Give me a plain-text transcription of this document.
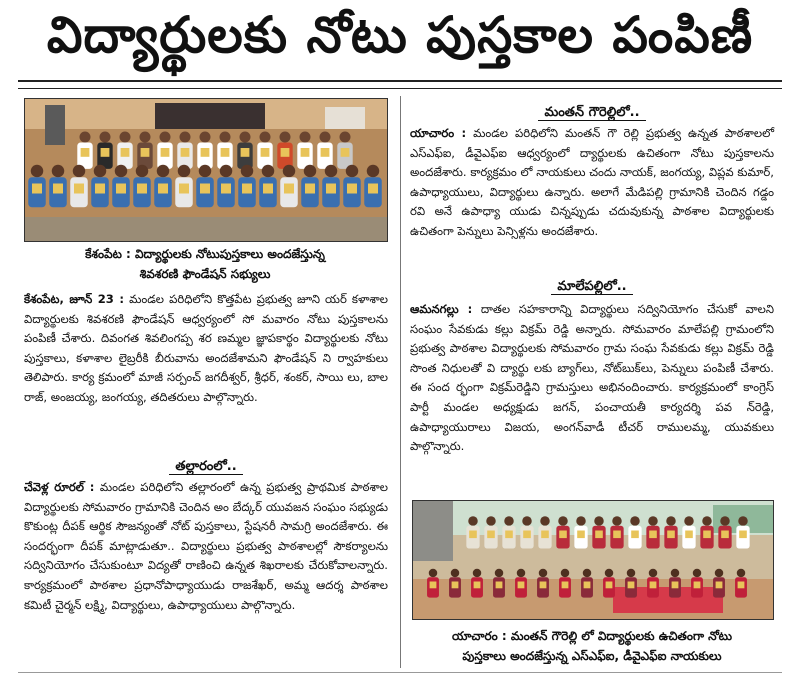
విద్యార్థులకు నోటు పుస్తకాల పంపిణీ
కేశంపేట : విద్యార్థులకు నోటుపుస్తకాలు అందజేస్తున్న
శివశరణి ఫౌండేషన్ సభ్యులు
కేశంపేట, జూన్ 23 : మండల పరిధిలోని కొత్తపేట ప్రభుత్వ జూని యర్ కళాశాల విద్యార్థులకు శివశరణి ఫౌండేషన్ ఆధ్వర్యంలో సో మవారం నోటు పుస్తకాలను పంపిణీ చేశారు. దివంగత శివలింగప్ప శర ణమ్మల జ్ఞాపకార్థం విద్యార్థులకు నోటు పుస్తకాలు, కళాశాల లైబ్రరీకి బీరువాను అందజేశామని ఫౌండేషన్ ని ర్వాహకులు తెలిపారు. కార్య క్రమంలో మాజీ సర్పంచ్ జగదీశ్వర్, శ్రీధర్, శంకర్, సాయి లు, బాల రాజ్, అంజయ్య, జంగయ్య, తదితరులు పాల్గొన్నారు.
తల్లారంలో..
చేవెళ్ల రూరల్ : మండల పరిధిలోని తల్లారంలో ఉన్న ప్రభుత్వ ప్రాథమిక పాఠశాల విద్యార్థులకు సోమవారం గ్రామానికి చెందిన అం బేద్కర్ యువజన సంఘం సభ్యుడు కొకుంట్ల దీపక్ ఆర్థిక సౌజన్యంతో నోట్ పుస్తకాలు, స్టేషనరీ సామగ్రి అందజేశారు. ఈ సందర్భంగా దీపక్ మాట్లాడుతూ.. విద్యార్థులు ప్రభుత్వ పాఠశాలల్లో సౌకర్యాలను సద్వినియోగం చేసుకుంటూ విద్యతో రాణించి ఉన్నత శిఖరాలకు చేరుకోవాలన్నారు. కార్యక్రమంలో పాఠశాల ప్రధానోపాధ్యాయుడు రాజశేఖర్, అమ్మ ఆదర్శ పాఠశాల కమిటీ చైర్మన్ లక్ష్మి, విద్యార్థులు, ఉపాధ్యాయులు పాల్గొన్నారు.
మంతన్ గౌరెల్లిలో..
యాచారం : మండల పరిధిలోని మంతన్ గౌ రెల్లి ప్రభుత్వ ఉన్నత పాఠశాలలో ఎస్ఎఫ్ఐ, డీవైఎఫ్ఐ ఆధ్వర్యంలో ద్యార్థులకు ఉచితంగా నోటు పుస్తకాలను అందజేశారు. కార్యక్రమం లో నాయకులు చందు నాయక్, జంగయ్య, విప్లవ కుమార్, ఉపాధ్యాయులు, విద్యార్థులు ఉన్నారు. అలాగే మేడిపల్లి గ్రామానికి చెందిన గడ్డం రవి అనే ఉపాధ్యా యుడు చిన్నప్పుడు చదువుకున్న పాఠశాల విద్యార్థులకు ఉచితంగా పెన్నులు పెన్సిళ్లను అందజేశారు.
మాలేపల్లిలో..
ఆమనగల్లు : దాతల సహకారాన్ని విద్యార్థులు సద్వినియోగం చేసుకో వాలని సంఘం సేవకుడు కల్లు విక్రమ్ రెడ్డి అన్నారు. సోమవారం మాలేపల్లి గ్రామంలోని ప్రభుత్వ పాఠశాల విద్యార్థులకు సోమవారం గ్రామ సంఘ సేవకుడు కల్లు విక్రమ్ రెడ్డి సొంత నిధులతో వి ద్యార్థు లకు బ్యాగ్‌లు, నోట్‌బుక్‌లు, పెన్నులు పంపిణీ చేశారు. ఈ సంద ర్భంగా విక్రమ్‌రెడ్డిని గ్రామస్తులు అభినందించారు. కార్యక్రమంలో కాంగ్రెస్ పార్టీ మండల అధ్యక్షుడు జగన్, పంచాయతీ కార్యదర్శి పవ న్‌రెడ్డి, ఉపాధ్యాయురాలు విజయ, అంగన్‌వాడీ టీచర్ రాములమ్మ, యువకులు పాల్గొన్నారు.
యాచారం : మంతన్ గౌరెల్లి లో విద్యార్థులకు ఉచితంగా నోటు
పుస్తకాలు అందజేస్తున్న ఎస్ఎఫ్ఐ, డీవైఎఫ్ఐ నాయకులు
